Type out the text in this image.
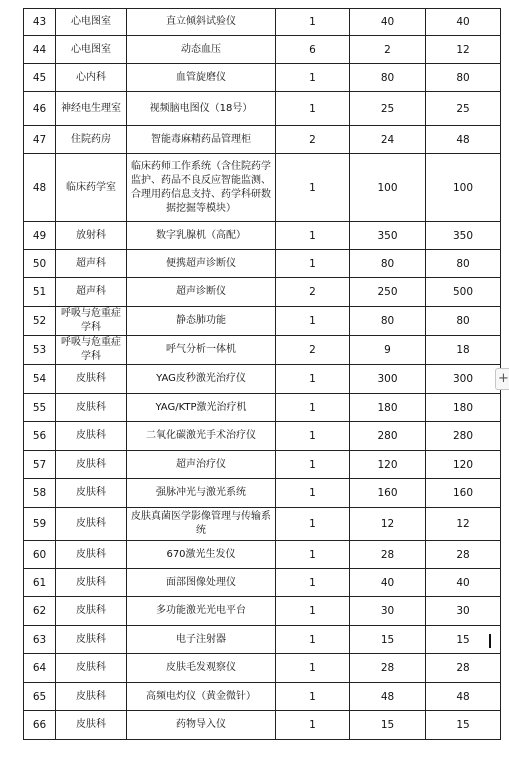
43	心电图室	直立倾斜试验仪	1	40	40
44	心电图室	动态血压	6	2	12
45	心内科	血管旋磨仪	1	80	80
46	神经电生理室	视频脑电图仪（18号）	1	25	25
47	住院药房	智能毒麻精药品管理柜	2	24	48
48	临床药学室	临床药师工作系统（含住院药学监护、药品不良反应智能监测、合理用药信息支持、药学科研数据挖掘等模块）	1	100	100
49	放射科	数字乳腺机（高配）	1	350	350
50	超声科	便携超声诊断仪	1	80	80
51	超声科	超声诊断仪	2	250	500
52	呼吸与危重症学科	静态肺功能	1	80	80
53	呼吸与危重症学科	呼气分析一体机	2	9	18
54	皮肤科	YAG皮秒激光治疗仪	1	300	300
55	皮肤科	YAG/KTP激光治疗机	1	180	180
56	皮肤科	二氧化碳激光手术治疗仪	1	280	280
57	皮肤科	超声治疗仪	1	120	120
58	皮肤科	强脉冲光与激光系统	1	160	160
59	皮肤科	皮肤真菌医学影像管理与传输系统	1	12	12
60	皮肤科	670激光生发仪	1	28	28
61	皮肤科	面部图像处理仪	1	40	40
62	皮肤科	多功能激光光电平台	1	30	30
63	皮肤科	电子注射器	1	15	15
64	皮肤科	皮肤毛发观察仪	1	28	28
65	皮肤科	高频电灼仪（黄金微针）	1	48	48
66	皮肤科	药物导入仪	1	15	15
+
